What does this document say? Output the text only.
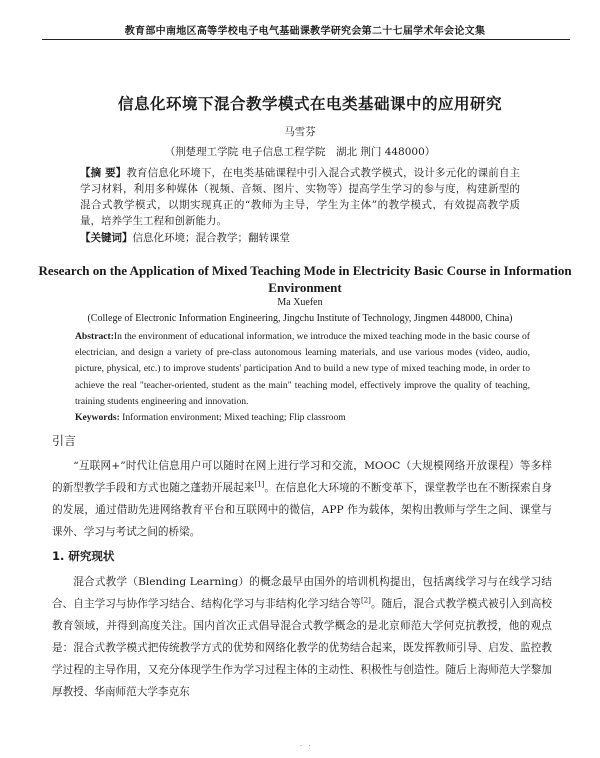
教育部中南地区高等学校电子电气基础课教学研究会第二十七届学术年会论文集
信息化环境下混合教学模式在电类基础课中的应用研究
马雪芬
（荆楚理工学院 电子信息工程学院　湖北 荆门 448000）
【摘 要】教育信息化环境下，在电类基础课程中引入混合式教学模式，设计多元化的课前自主学习材料，利用多种媒体（视频、音频、图片、实物等）提高学生学习的参与度，构建新型的混合式教学模式，以期实现真正的“教师为主导，学生为主体”的教学模式，有效提高教学质量，培养学生工程和创新能力。
【关键词】信息化环境；混合教学；翻转课堂
Research on the Application of Mixed Teaching Mode in Electricity Basic Course in Information Environment
Ma Xuefen
(College of Electronic Information Engineering, Jingchu Institute of Technology, Jingmen 448000, China)
Abstract:In the environment of educational information, we introduce the mixed teaching mode in the basic course of electrician, and design a variety of pre-class autonomous learning materials, and use various modes (video, audio, picture, physical, etc.) to improve students' participation And to build a new type of mixed teaching mode, in order to achieve the real "teacher-oriented, student as the main" teaching model, effectively improve the quality of teaching, training students engineering and innovation.
Keywords: Information environment; Mixed teaching; Flip classroom
引言
“互联网+”时代让信息用户可以随时在网上进行学习和交流，MOOC（大规模网络开放课程）等多样的新型教学手段和方式也随之蓬勃开展起来[1]。在信息化大环境的不断变革下，课堂教学也在不断探索自身的发展，通过借助先进网络教育平台和互联网中的微信，APP 作为载体，架构出教师与学生之间、课堂与课外、学习与考试之间的桥梁。
1. 研究现状
混合式教学（Blending Learning）的概念最早由国外的培训机构提出，包括离线学习与在线学习结合、自主学习与协作学习结合、结构化学习与非结构化学习结合等[2]。随后，混合式教学模式被引入到高校教育领域，并得到高度关注。国内首次正式倡导混合式教学概念的是北京师范大学何克抗教授，他的观点是：混合式教学模式把传统教学方式的优势和网络化教学的优势结合起来，既发挥教师引导、启发、监控教学过程的主导作用，又充分体现学生作为学习过程主体的主动性、积极性与创造性。随后上海师范大学黎加厚教授、华南师范大学李克东
· ·
